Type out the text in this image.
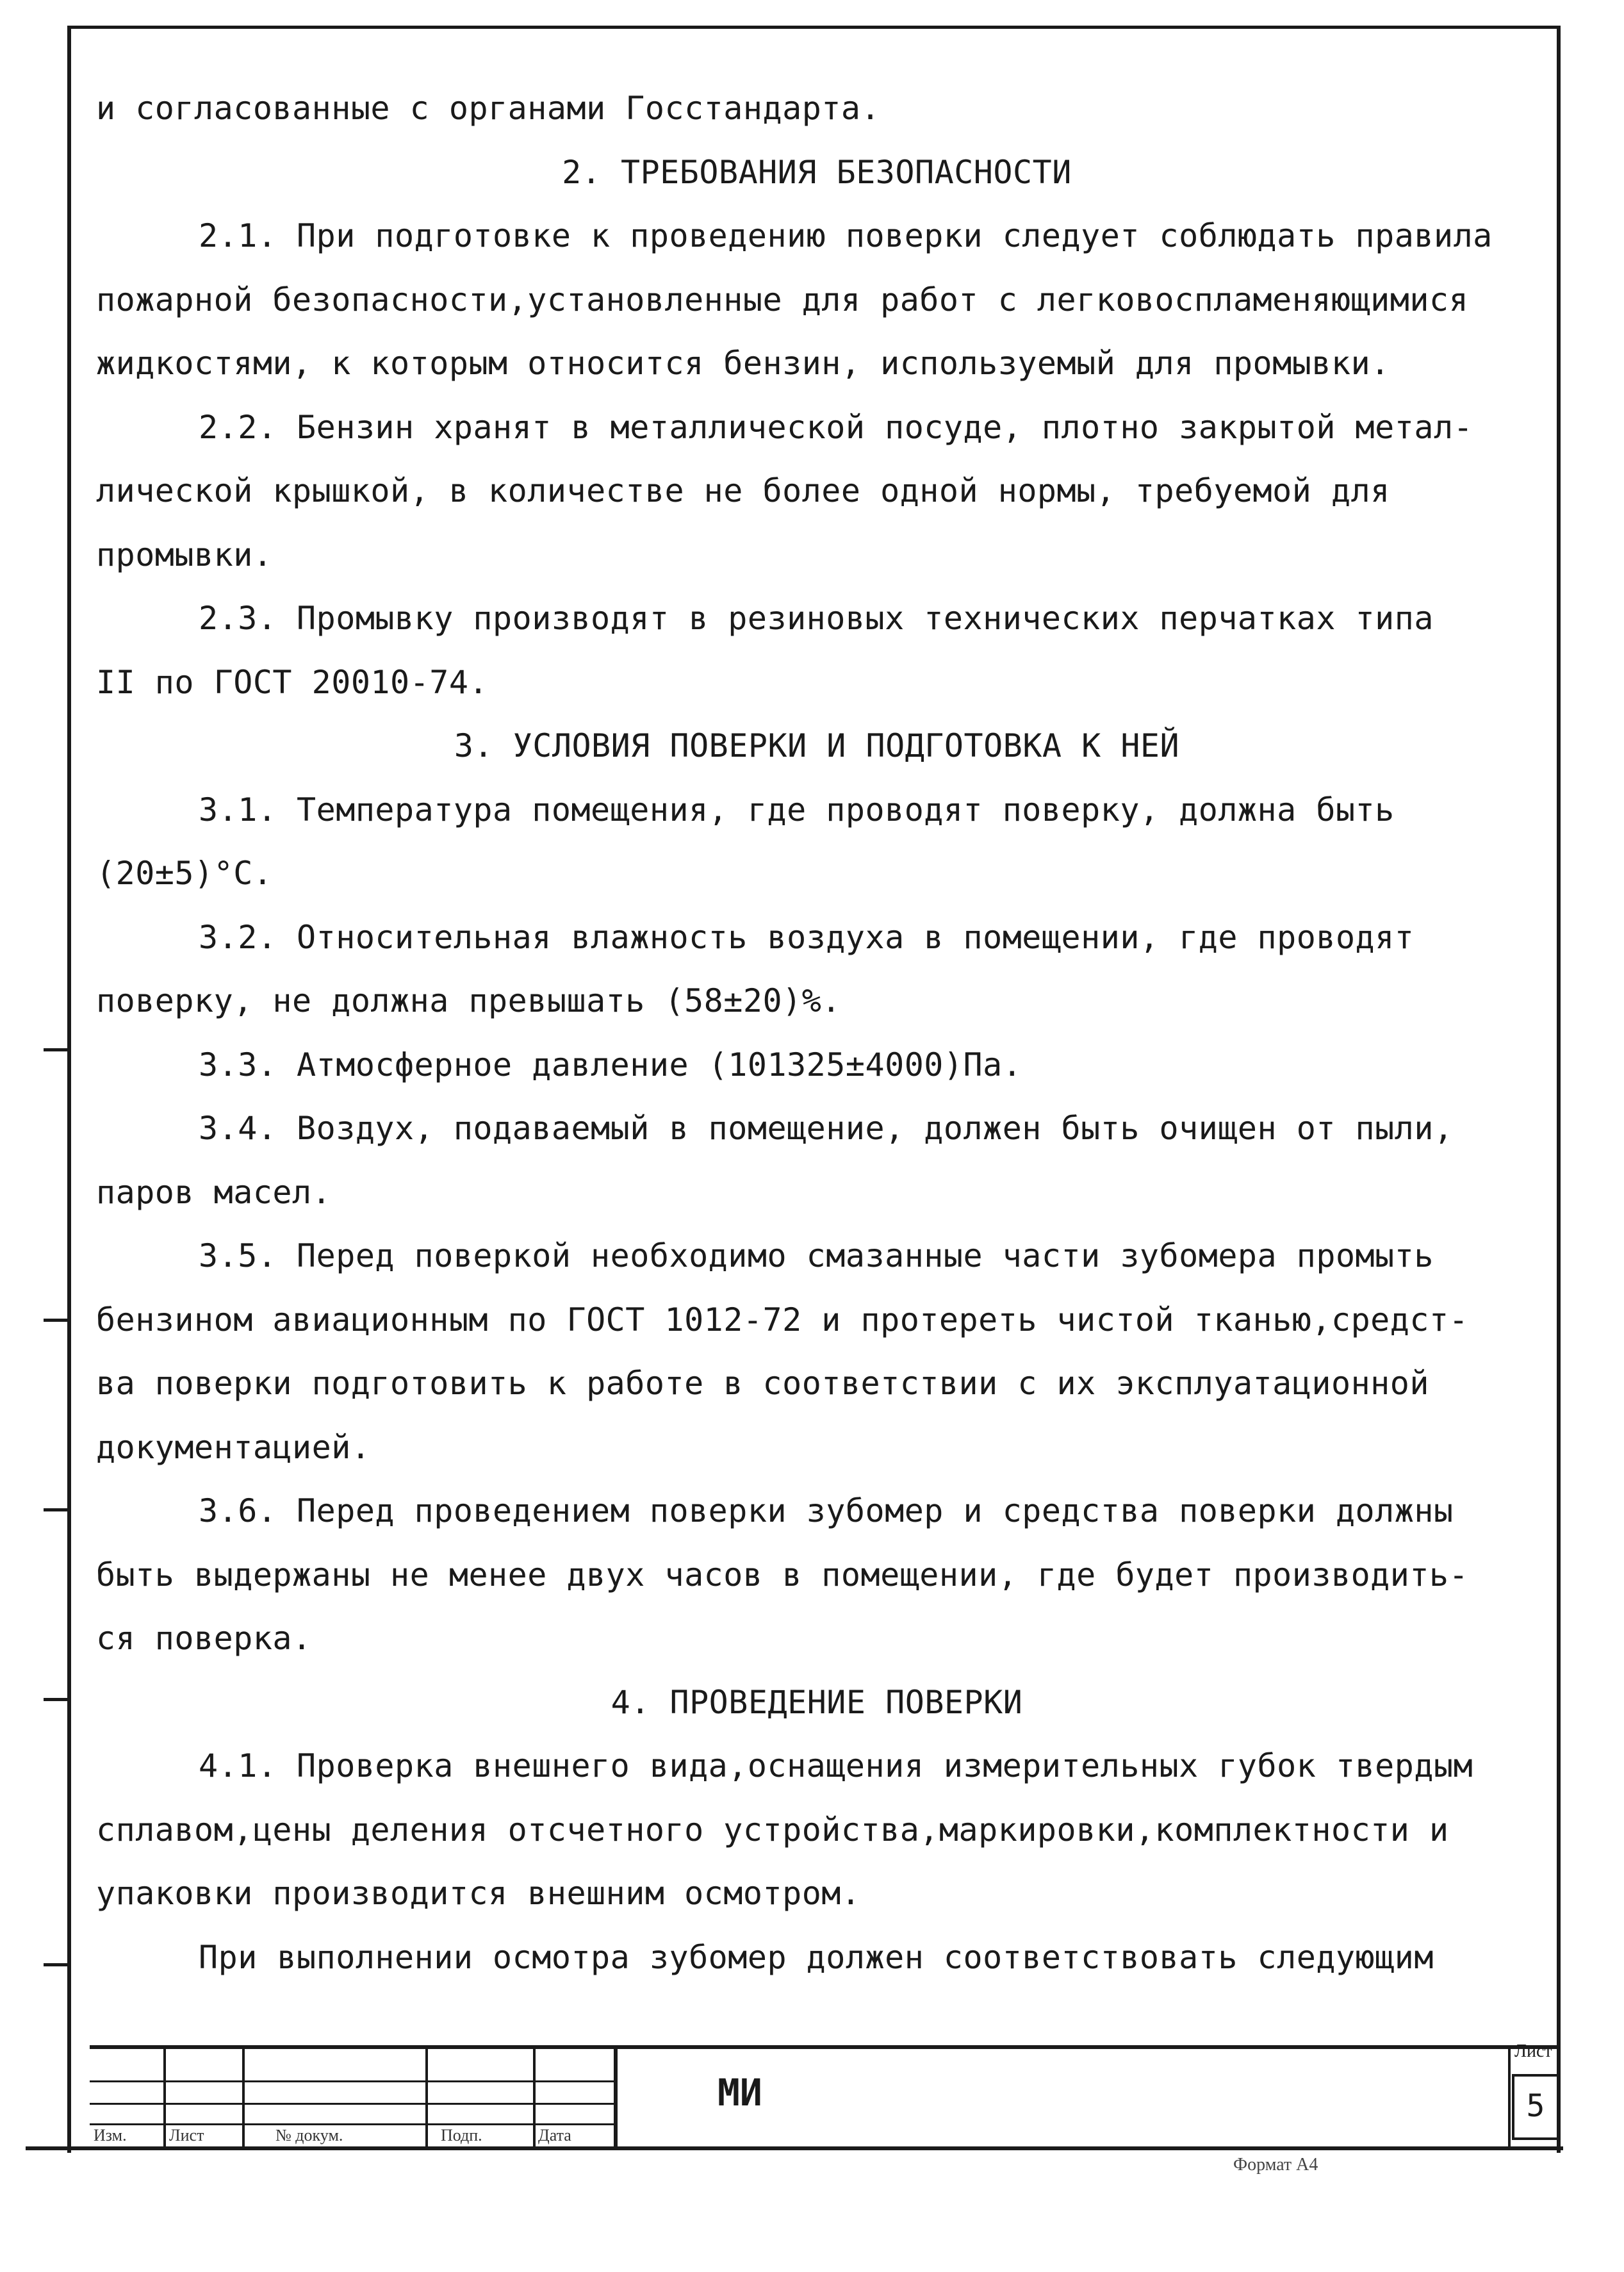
и согласованные с органами Госстандарта.
2. ТРЕБОВАНИЯ БЕЗОПАСНОСТИ
2.1. При подготовке к проведению поверки следует соблюдать правила
пожарной безопасности,установленные для работ с легковоспламеняющимися
жидкостями, к которым относится бензин, используемый для промывки.
2.2. Бензин хранят в металлической посуде, плотно закрытой метал-
лической крышкой, в количестве не более одной нормы, требуемой для
промывки.
2.3. Промывку производят в резиновых технических перчатках типа
II по ГОСТ 20010-74.
3. УСЛОВИЯ ПОВЕРКИ И ПОДГОТОВКА К НЕЙ
3.1. Температура помещения, где проводят поверку, должна быть
(20±5)°C.
3.2. Относительная влажность воздуха в помещении, где проводят
поверку, не должна превышать (58±20)%.
3.3. Атмосферное давление (101325±4000)Па.
3.4. Воздух, подаваемый в помещение, должен быть очищен от пыли,
паров масел.
3.5. Перед поверкой необходимо смазанные части зубомера промыть
бензином авиационным по ГОСТ 1012-72 и протереть чистой тканью,средст-
ва поверки подготовить к работе в соответствии с их эксплуатационной
документацией.
3.6. Перед проведением поверки зубомер и средства поверки должны
быть выдержаны не менее двух часов в помещении, где будет производить-
ся поверка.
4. ПРОВЕДЕНИЕ ПОВЕРКИ
4.1. Проверка внешнего вида,оснащения измерительных губок твердым
сплавом,цены деления отсчетного устройства,маркировки,комплектности и
упаковки производится внешним осмотром.
При выполнении осмотра зубомер должен соответствовать следующим
Изм.	Лист	№ докум.	Подп.	Дата
МИ
Лист
5
Формат А4
